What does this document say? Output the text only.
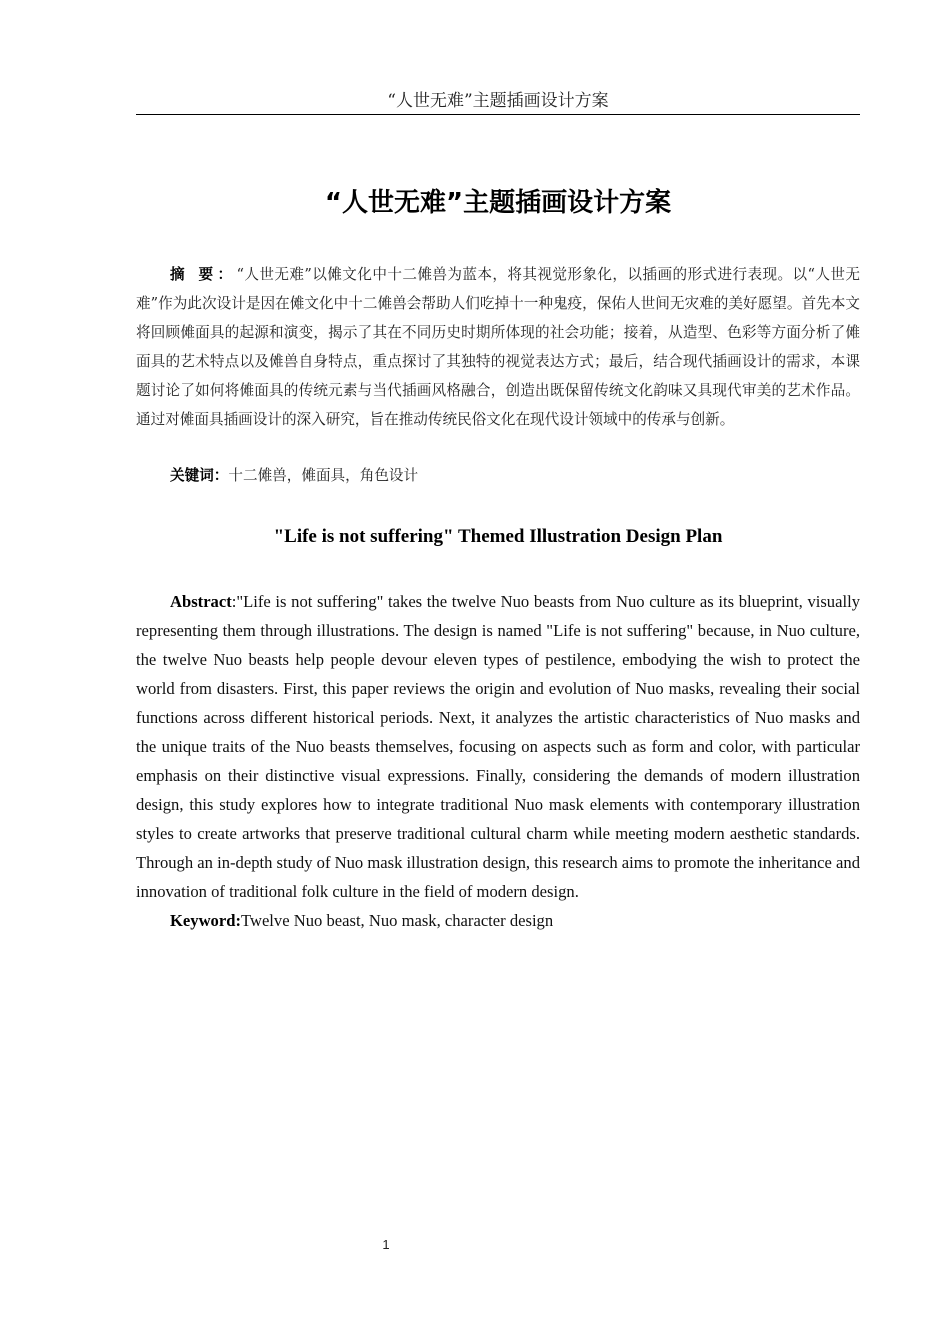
“人世无难”主题插画设计方案
“人世无难”主题插画设计方案

摘 要：“人世无难”以傩文化中十二傩兽为蓝本，将其视觉形象化，以插画的形式进行表现。以“人世无难”作为此次设计是因在傩文化中十二傩兽会帮助人们吃掉十一种鬼疫，保佑人世间无灾难的美好愿望。首先本文将回顾傩面具的起源和演变，揭示了其在不同历史时期所体现的社会功能；接着，从造型、色彩等方面分析了傩面具的艺术特点以及傩兽自身特点，重点探讨了其独特的视觉表达方式；最后，结合现代插画设计的需求，本课题讨论了如何将傩面具的传统元素与当代插画风格融合，创造出既保留传统文化韵味又具现代审美的艺术作品。通过对傩面具插画设计的深入研究，旨在推动传统民俗文化在现代设计领域中的传承与创新。

关键词：十二傩兽，傩面具，角色设计

"Life is not suffering" Themed Illustration Design Plan

Abstract:"Life is not suffering" takes the twelve Nuo beasts from Nuo culture as its blueprint, visually representing them through illustrations. The design is named "Life is not suffering" because, in Nuo culture, the twelve Nuo beasts help people devour eleven types of pestilence, embodying the wish to protect the world from disasters. First, this paper reviews the origin and evolution of Nuo masks, revealing their social functions across different historical periods. Next, it analyzes the artistic characteristics of Nuo masks and the unique traits of the Nuo beasts themselves, focusing on aspects such as form and color, with particular emphasis on their distinctive visual expressions. Finally, considering the demands of modern illustration design, this study explores how to integrate traditional Nuo mask elements with contemporary illustration styles to create artworks that preserve traditional cultural charm while meeting modern aesthetic standards. Through an in-depth study of Nuo mask illustration design, this research aims to promote the inheritance and innovation of traditional folk culture in the field of modern design.

Keyword:Twelve Nuo beast, Nuo mask, character design

1
